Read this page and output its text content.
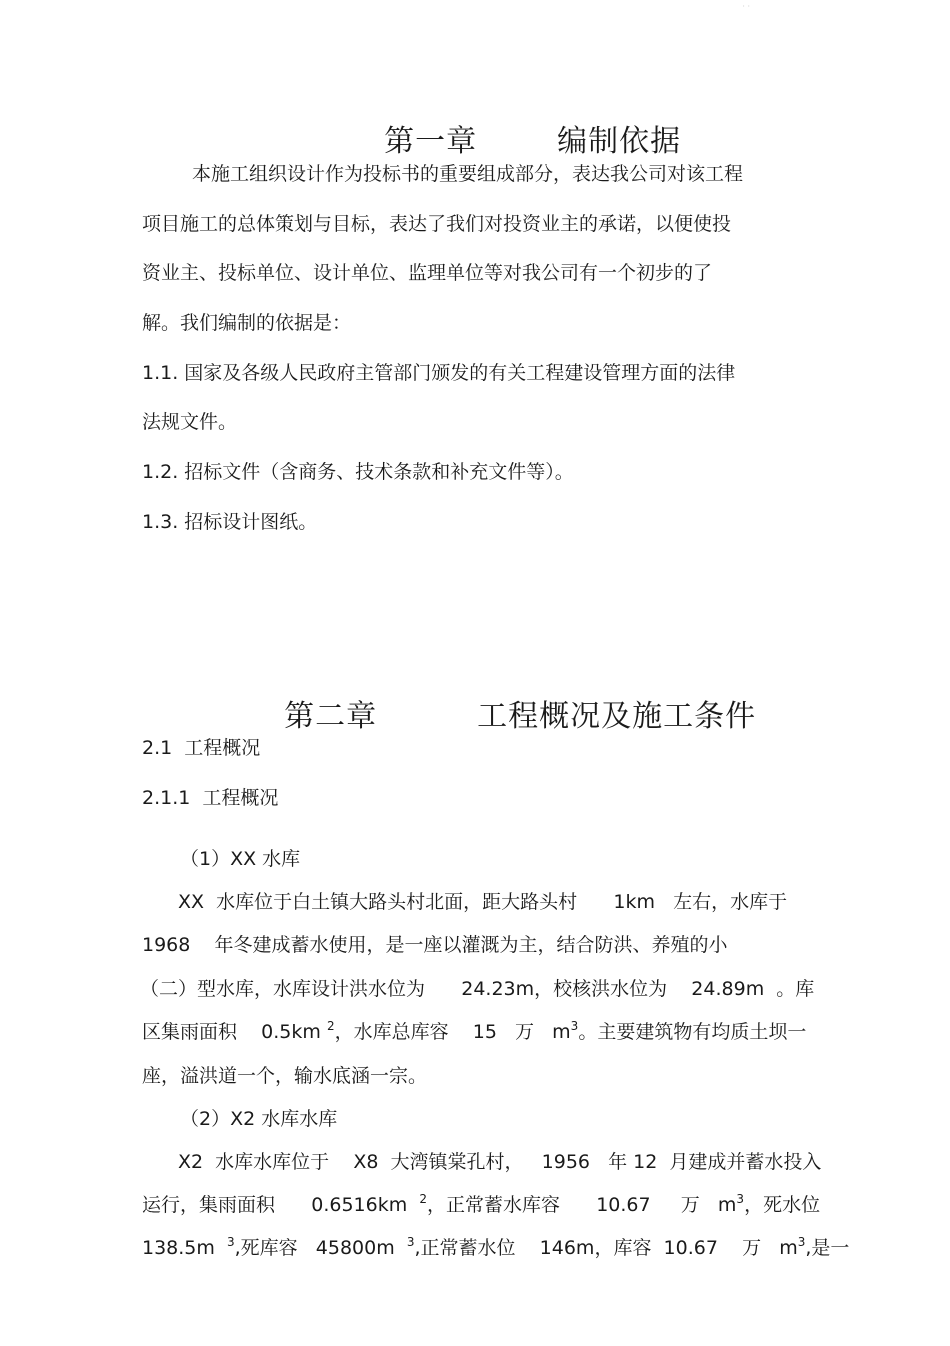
· ·

第一章	编制依据

本施工组织设计作为投标书的重要组成部分，表达我公司对该工程
项目施工的总体策划与目标，表达了我们对投资业主的承诺，以便使投
资业主、投标单位、设计单位、监理单位等对我公司有一个初步的了
解。我们编制的依据是：
1.1. 国家及各级人民政府主管部门颁发的有关工程建设管理方面的法律
法规文件。
1.2. 招标文件（含商务、技术条款和补充文件等）。
1.3. 招标设计图纸。

第二章	工程概况及施工条件

2.1  工程概况
2.1.1  工程概况
（1）XX 水库
XX  水库位于白土镇大路头村北面，距大路头村      1km   左右，水库于
1968    年冬建成蓄水使用，是一座以灌溉为主，结合防洪、养殖的小
（二）型水库，水库设计洪水位为      24.23m，校核洪水位为    24.89m  。库
区集雨面积    0.5km $^2$，水库总库容    15   万   $m^3$。主要建筑物有均质土坝一
座，溢洪道一个，输水底涵一宗。
（2）X2 水库水库
X2  水库水库位于    X8  大湾镇棠孔村，   1956   年 12  月建成并蓄水投入
运行，集雨面积      0.6516km  $^2$，正常蓄水库容      10.67     万   $m^3$，死水位
138.5m  $^3$,死库容   45800m  $^3$,正常蓄水位    146m，库容  10.67    万   $m^3$,是一
